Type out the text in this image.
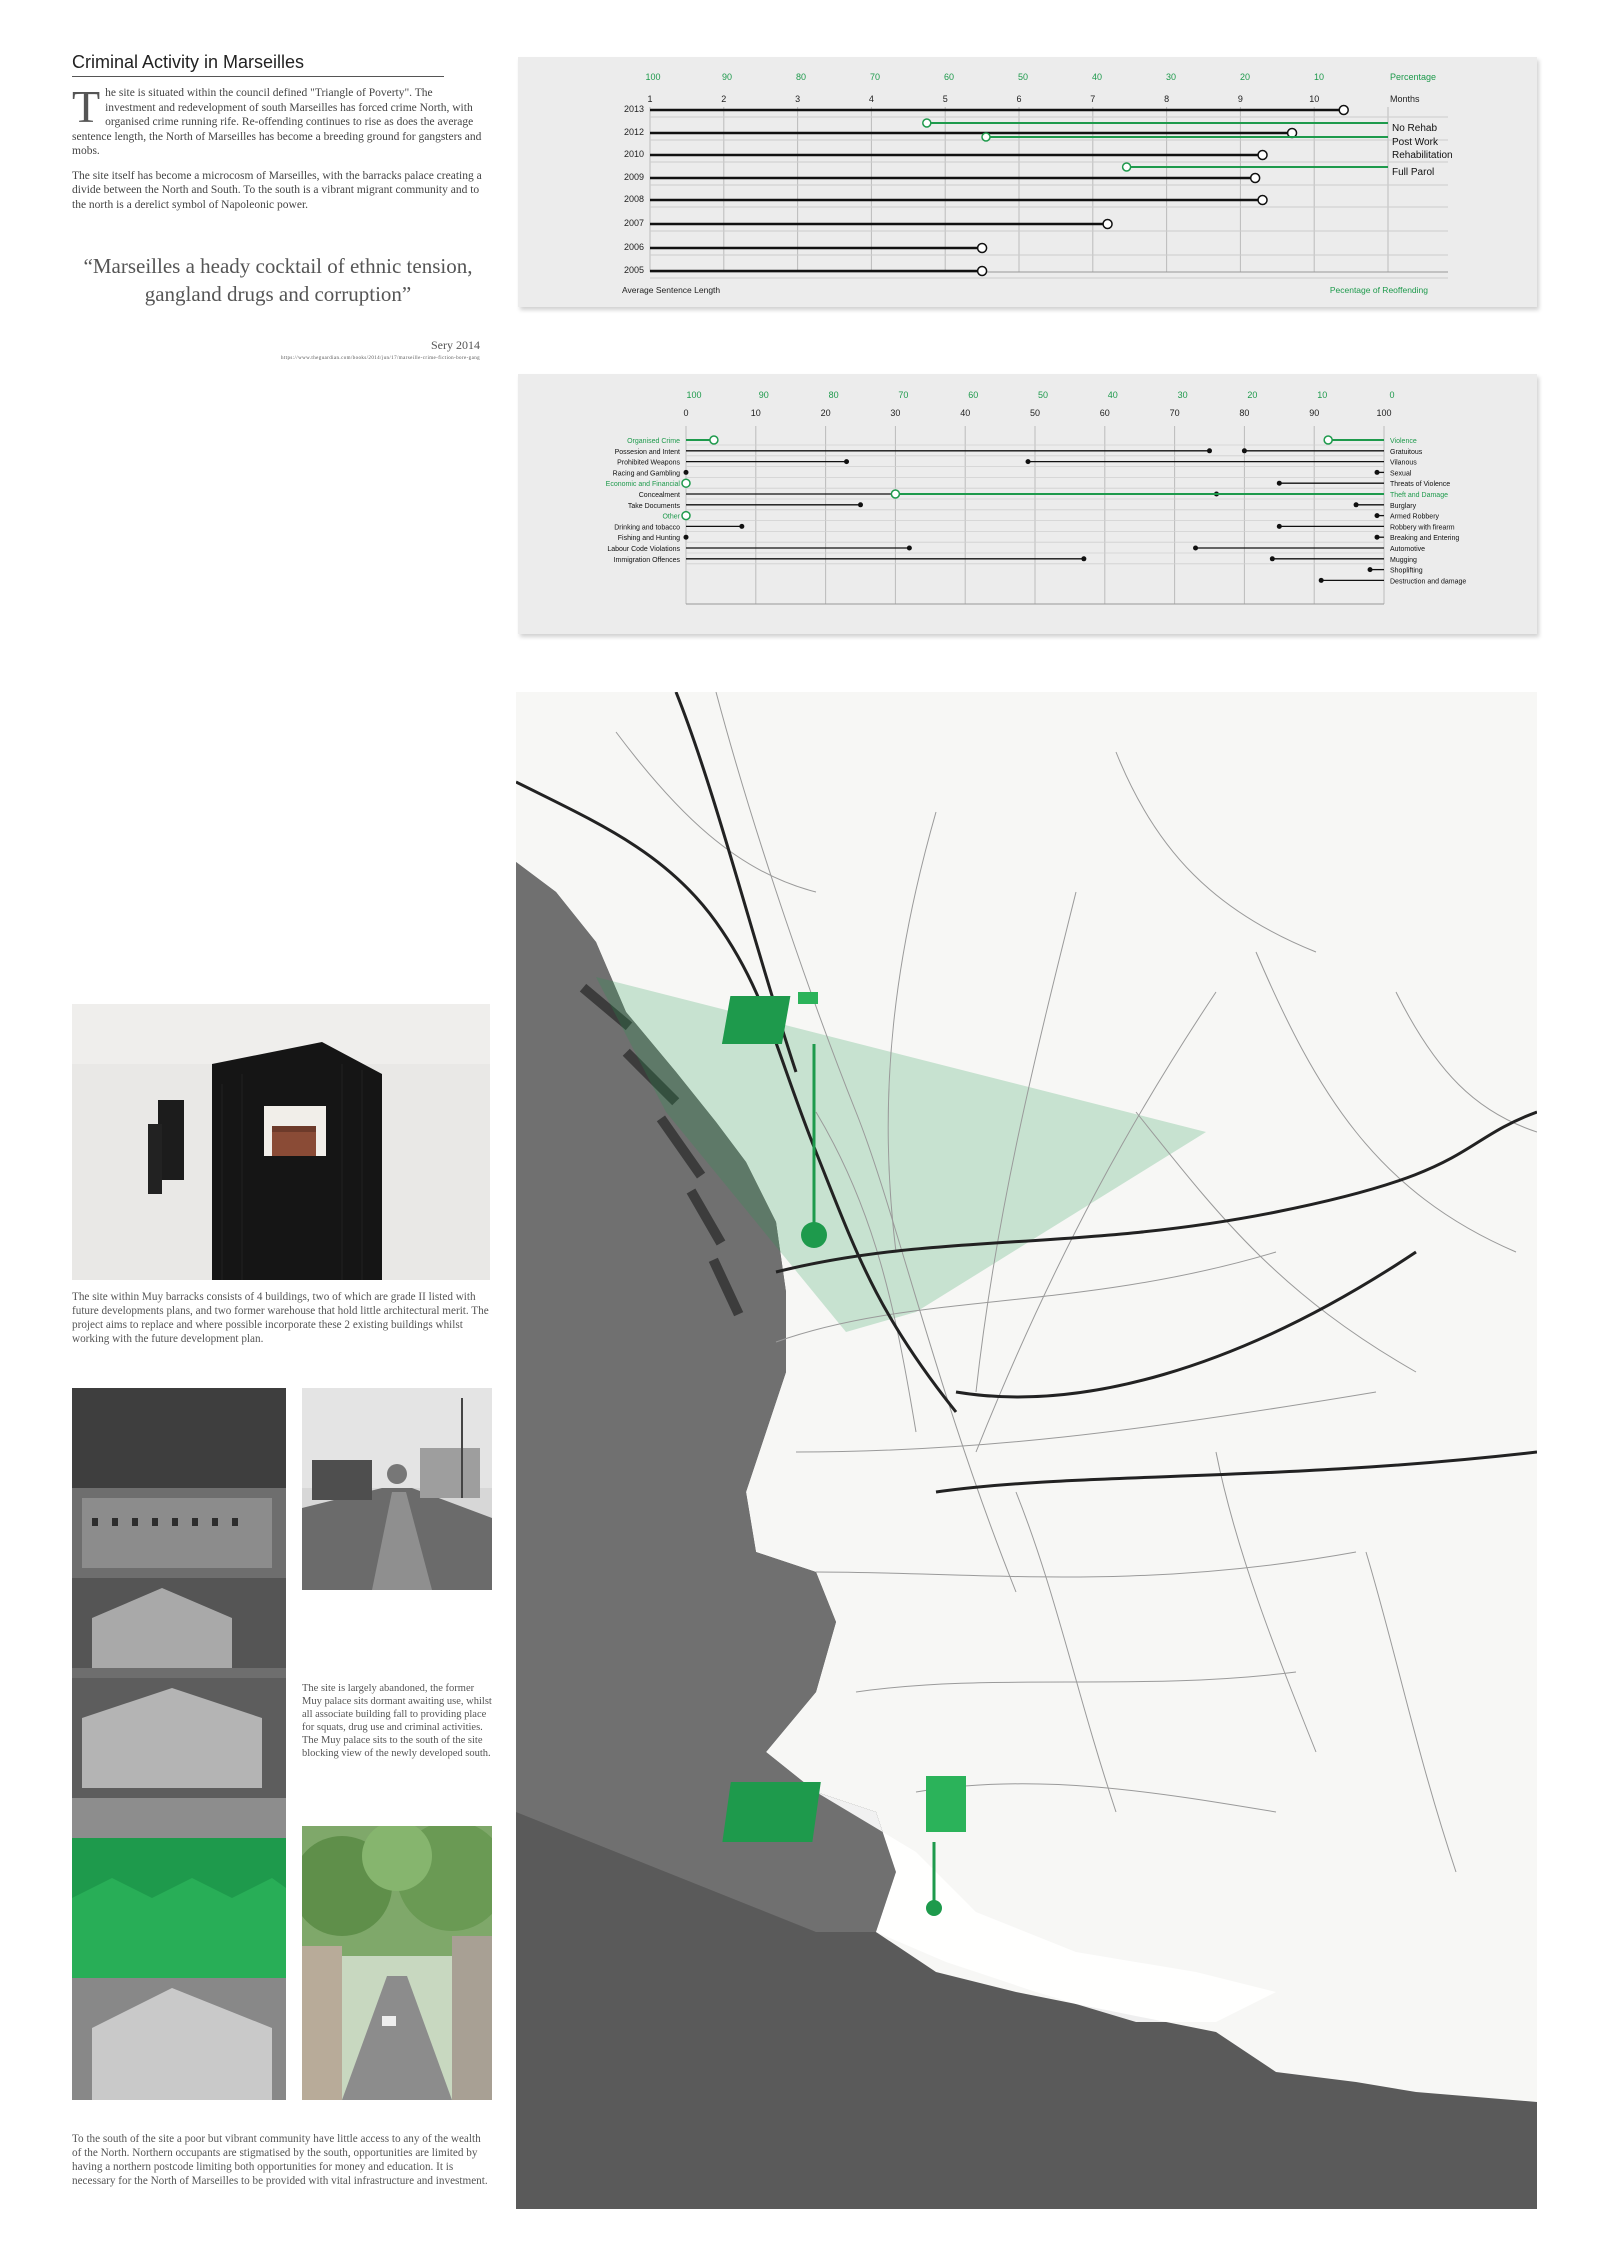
Criminal Activity in Marseilles

The site is situated within the council defined "Triangle of Poverty". The investment and redevelopment of south Marseilles has forced crime North, with organised crime running rife. Re-offending continues to rise as does the average sentence length, the North of Marseilles has become a breeding ground for gangsters and mobs.

The site itself has become a microcosm of Marseilles, with the barracks palace creating a divide between the North and South. To the south is a vibrant migrant community and to the north is a derelict symbol of Napoleonic power.

“Marseilles a heady cocktail of ethnic tension, gangland drugs and corruption”
Sery 2014
https://www.theguardian.com/books/2014/jun/17/marseille-crime-fiction-bore-gang
The site within Muy barracks consists of 4 buildings, two of which are grade II listed with future developments plans, and two former warehouse that hold little architectural merit. The project aims to replace and where possible incorporate these 2 existing buildings whilst working with the future development plan.
The site is largely abandoned, the former Muy palace sits dormant awaiting use, whilst all associate building fall to providing place for squats, drug use and criminal activities. The Muy palace sits to the south of the site blocking view of the newly developed south.
To the south of the site a poor but vibrant community have little access to any of the wealth of the North. Northern occupants are stigmatised by the south, opportunities are limited by having a northern postcode limiting both opportunities for money and education. It is necessary for the North of Marseilles to be provided with vital infrastructure and investment.
100	90	80	70	60	50	40	30	20	10	Percentage
1	2	3	4	5	6	7	8	9	10	Months
2013
2012
2010
2009
2008
2007
2006
2005
No Rehab
Post Work
Rehabilitation
Full Parol
Average Sentence Length	Pecentage of Reoffending
100	90	80	70	60	50	40	30	20	10	0
0	10	20	30	40	50	60	70	80	90	100
Organised Crime
Possesion and Intent
Prohibited Weapons
Racing and Gambling
Economic and Financial
Concealment
Take Documents
Other
Drinking and tobacco
Fishing and Hunting
Labour Code Violations
Immigration Offences
Violence
Gratuitous
Vilanous
Sexual
Threats of Violence
Theft and Damage
Burglary
Armed Robbery
Robbery with firearm
Breaking and Entering
Automotive
Mugging
Shoplifting
Destruction and damage
